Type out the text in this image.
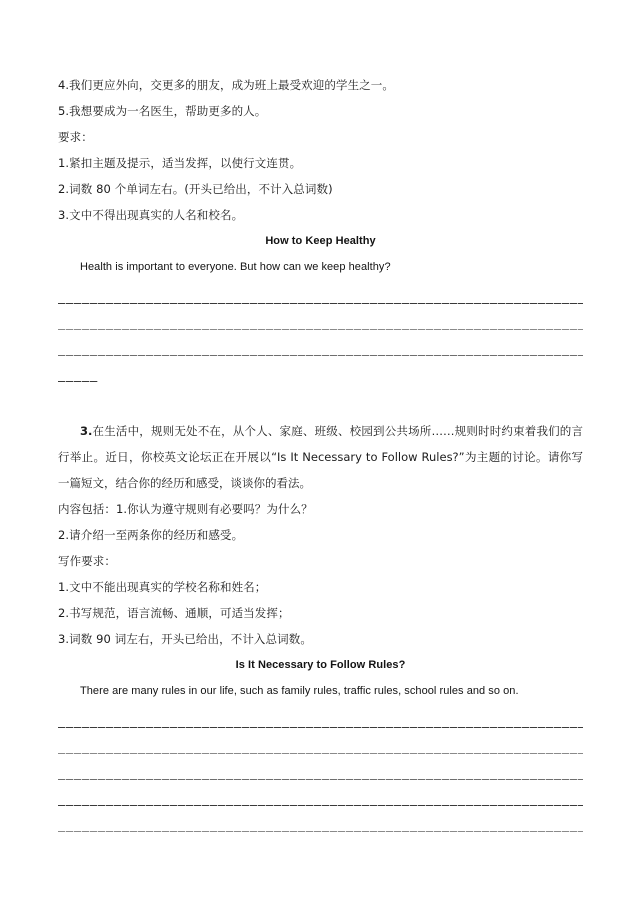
4.我们更应外向，交更多的朋友，成为班上最受欢迎的学生之一。
5.我想要成为一名医生，帮助更多的人。
要求：
1.紧扣主题及提示，适当发挥，以使行文连贯。
2.词数 80 个单词左右。(开头已给出，不计入总词数)
3.文中不得出现真实的人名和校名。
How to Keep Healthy
Health is important to everyone. But how can we keep healthy?

3.在生活中，规则无处不在，从个人、家庭、班级、校园到公共场所……规则时时约束着我们的言行举止。近日，你校英文论坛正在开展以“Is It Necessary to Follow Rules?”为主题的讨论。请你写一篇短文，结合你的经历和感受，谈谈你的看法。

内容包括：1.你认为遵守规则有必要吗？为什么？
2.请介绍一至两条你的经历和感受。
写作要求：
1.文中不能出现真实的学校名称和姓名；
2.书写规范，语言流畅、通顺，可适当发挥；
3.词数 90 词左右，开头已给出，不计入总词数。
Is It Necessary to Follow Rules?
There are many rules in our life, such as family rules, traffic rules, school rules and so on.
